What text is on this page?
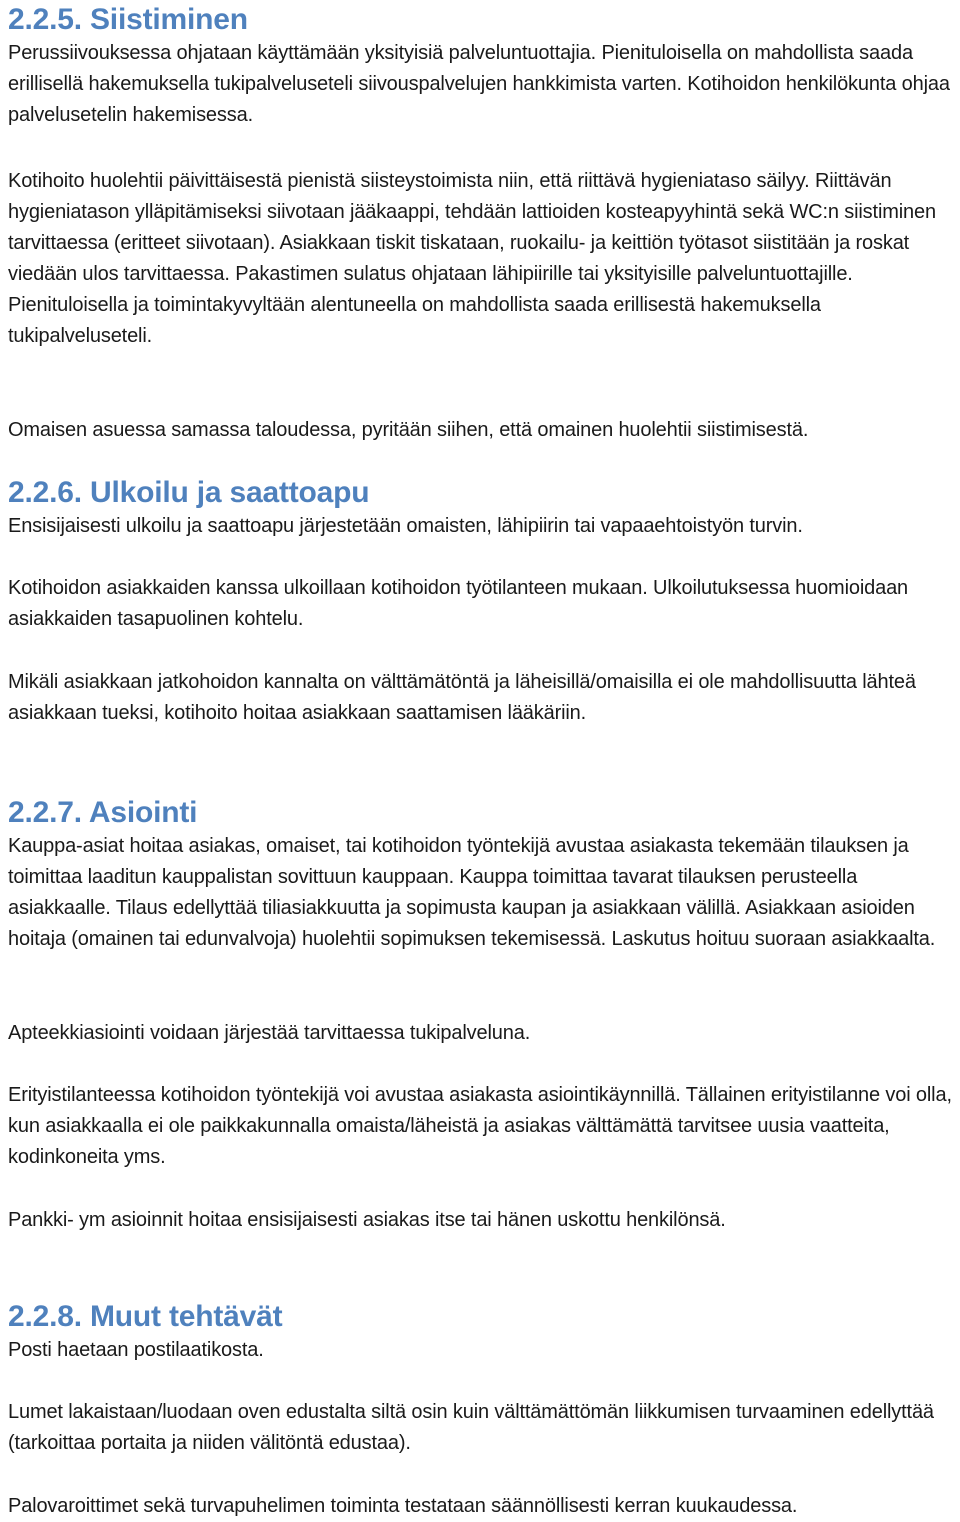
2.2.5. Siistiminen

Perussiivouksessa ohjataan käyttämään yksityisiä palveluntuottajia. Pienituloisella on mahdollista saada erillisellä hakemuksella tukipalveluseteli siivouspalvelujen hankkimista varten. Kotihoidon henkilökunta ohjaa palvelusetelin hakemisessa.

Kotihoito huolehtii päivittäisestä pienistä siisteystoimista niin, että riittävä hygieniataso säilyy. Riittävän hygieniatason ylläpitämiseksi siivotaan jääkaappi, tehdään lattioiden kosteapyyhintä sekä WC:n siistiminen tarvittaessa (eritteet siivotaan). Asiakkaan tiskit tiskataan, ruokailu- ja keittiön työtasot siistitään ja roskat viedään ulos tarvittaessa. Pakastimen sulatus ohjataan lähipiirille tai yksityisille palveluntuottajille. Pienituloisella ja toimintakyvyltään alentuneella on mahdollista saada erillisestä hakemuksella tukipalveluseteli.

Omaisen asuessa samassa taloudessa, pyritään siihen, että omainen huolehtii siistimisestä.

2.2.6. Ulkoilu ja saattoapu

Ensisijaisesti ulkoilu ja saattoapu järjestetään omaisten, lähipiirin tai vapaaehtoistyön turvin.

Kotihoidon asiakkaiden kanssa ulkoillaan kotihoidon työtilanteen mukaan. Ulkoilutuksessa huomioidaan asiakkaiden tasapuolinen kohtelu.

Mikäli asiakkaan jatkohoidon kannalta on välttämätöntä ja läheisillä/omaisilla ei ole mahdollisuutta lähteä asiakkaan tueksi, kotihoito hoitaa asiakkaan saattamisen lääkäriin.

2.2.7. Asiointi

Kauppa-asiat hoitaa asiakas, omaiset, tai kotihoidon työntekijä avustaa asiakasta tekemään tilauksen ja toimittaa laaditun kauppalistan sovittuun kauppaan. Kauppa toimittaa tavarat tilauksen perusteella asiakkaalle. Tilaus edellyttää tiliasiakkuutta ja sopimusta kaupan ja asiakkaan välillä. Asiakkaan asioiden hoitaja (omainen tai edunvalvoja) huolehtii sopimuksen tekemisessä. Laskutus hoituu suoraan asiakkaalta.

Apteekkiasiointi voidaan järjestää tarvittaessa tukipalveluna.

Erityistilanteessa kotihoidon työntekijä voi avustaa asiakasta asiointikäynnillä. Tällainen erityistilanne voi olla, kun asiakkaalla ei ole paikkakunnalla omaista/läheistä ja asiakas välttämättä tarvitsee uusia vaatteita, kodinkoneita yms.

Pankki- ym asioinnit hoitaa ensisijaisesti asiakas itse tai hänen uskottu henkilönsä.

2.2.8. Muut tehtävät

Posti haetaan postilaatikosta.

Lumet lakaistaan/luodaan oven edustalta siltä osin kuin välttämättömän liikkumisen turvaaminen edellyttää (tarkoittaa portaita ja niiden välitöntä edustaa).

Palovaroittimet sekä turvapuhelimen toiminta testataan säännöllisesti kerran kuukaudessa.
